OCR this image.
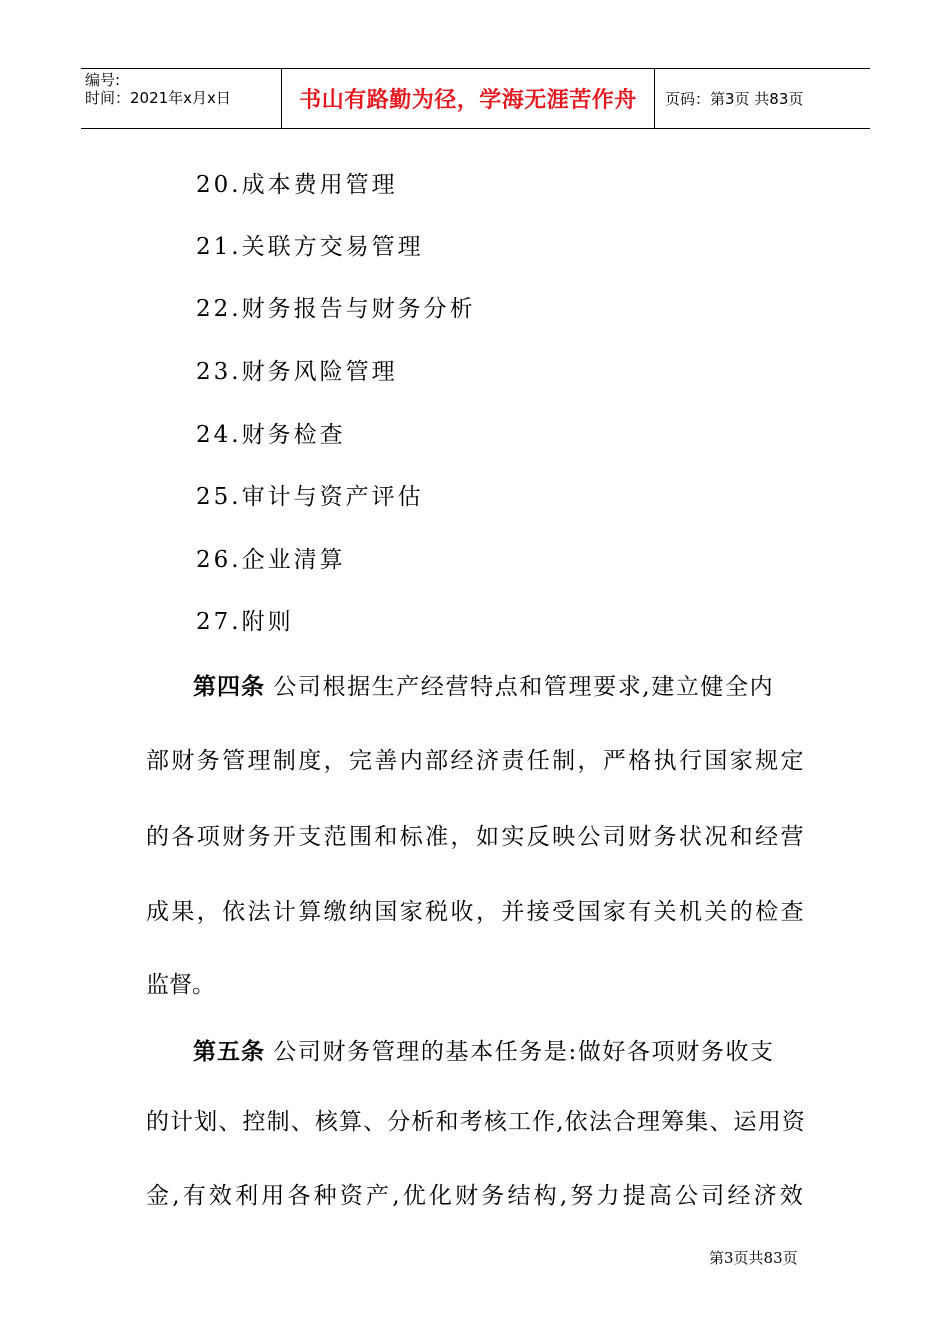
编号:
时间：2021年x月x日	书山有路勤为径，学海无涯苦作舟 页码：第3页 共83页
20.成本费用管理
21.关联方交易管理
22.财务报告与财务分析
23.财务风险管理
24.财务检查
25.审计与资产评估
26.企业清算
27.附则
第四条 公司根据生产经营特点和管理要求,建立健全内
部财务管理制度，完善内部经济责任制，严格执行国家规定
的各项财务开支范围和标准，如实反映公司财务状况和经营
成果，依法计算缴纳国家税收，并接受国家有关机关的检查
监督。
第五条 公司财务管理的基本任务是:做好各项财务收支
的计划、控制、核算、分析和考核工作,依法合理筹集、运用资
金,有效利用各种资产,优化财务结构,努力提高公司经济效
第3页共83页
